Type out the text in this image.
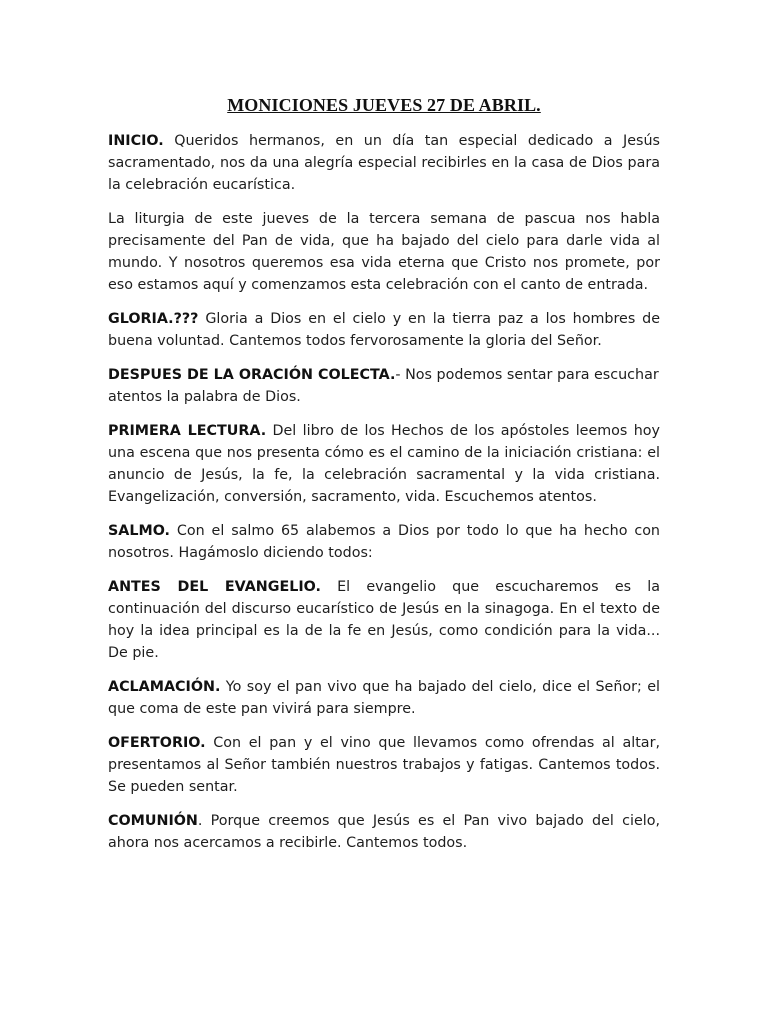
MONICIONES JUEVES 27 DE ABRIL.

INICIO. Queridos hermanos, en un día tan especial dedicado a Jesús sacramentado, nos da una alegría especial recibirles en la casa de Dios para la celebración eucarística.

La liturgia de este jueves de la tercera semana de pascua nos habla precisamente del Pan de vida, que ha bajado del cielo para darle vida al mundo. Y nosotros queremos esa vida eterna que Cristo nos promete, por eso estamos aquí y comenzamos esta celebración con el canto de entrada.

GLORIA.??? Gloria a Dios en el cielo y en la tierra paz a los hombres de buena voluntad. Cantemos todos fervorosamente la gloria del Señor.

DESPUES DE LA ORACIÓN COLECTA.- Nos podemos sentar para escuchar atentos la palabra de Dios.

PRIMERA LECTURA. Del libro de los Hechos de los apóstoles leemos hoy una escena que nos presenta cómo es el camino de la iniciación cristiana: el anuncio de Jesús, la fe, la celebración sacramental y la vida cristiana. Evangelización, conversión, sacramento, vida. Escuchemos atentos.

SALMO. Con el salmo 65 alabemos a Dios por todo lo que ha hecho con nosotros. Hagámoslo diciendo todos:

ANTES DEL EVANGELIO. El evangelio que escucharemos es la continuación del discurso eucarístico de Jesús en la sinagoga. En el texto de hoy la idea principal es la de la fe en Jesús, como condición para la vida... De pie.

ACLAMACIÓN. Yo soy el pan vivo que ha bajado del cielo, dice el Señor; el que coma de este pan vivirá para siempre.

OFERTORIO. Con el pan y el vino que llevamos como ofrendas al altar, presentamos al Señor también nuestros trabajos y fatigas. Cantemos todos. Se pueden sentar.

COMUNIÓN. Porque creemos que Jesús es el Pan vivo bajado del cielo, ahora nos acercamos a recibirle. Cantemos todos.
